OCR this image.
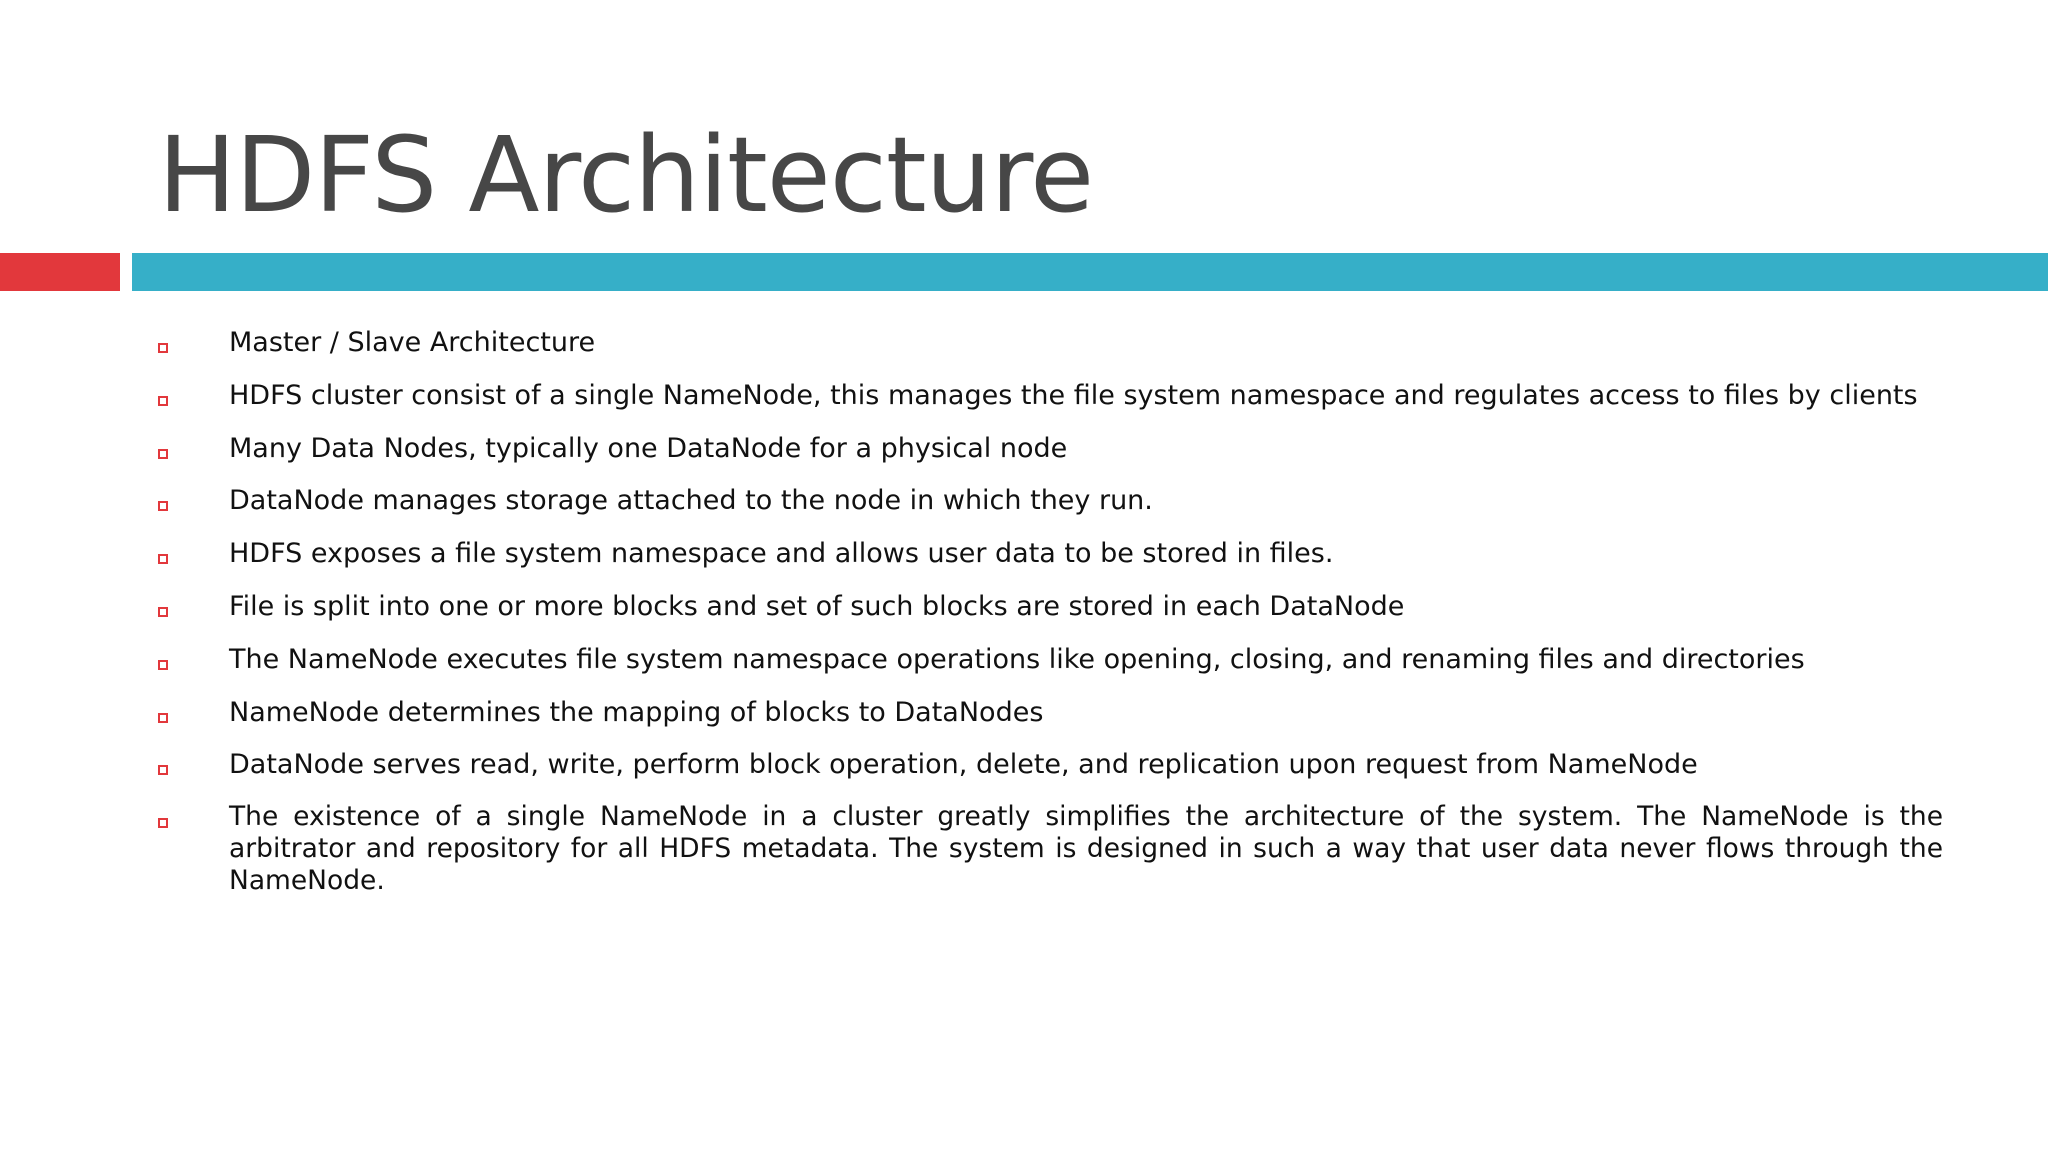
HDFS Architecture
Master / Slave Architecture
HDFS cluster consist of a single NameNode, this manages the file system namespace and regulates access to files by clients
Many Data Nodes, typically one DataNode for a physical node
DataNode manages storage attached to the node in which they run.
HDFS exposes a file system namespace and allows user data to be stored in files.
File is split into one or more blocks and set of such blocks are stored in each DataNode
The NameNode executes file system namespace operations like opening, closing, and renaming files and directories
NameNode determines the mapping of blocks to DataNodes
DataNode serves read, write, perform block operation, delete, and replication upon request from NameNode
The existence of a single NameNode in a cluster greatly simplifies the architecture of the system. The NameNode is the arbitrator and repository for all HDFS metadata. The system is designed in such a way that user data never flows through the NameNode.
